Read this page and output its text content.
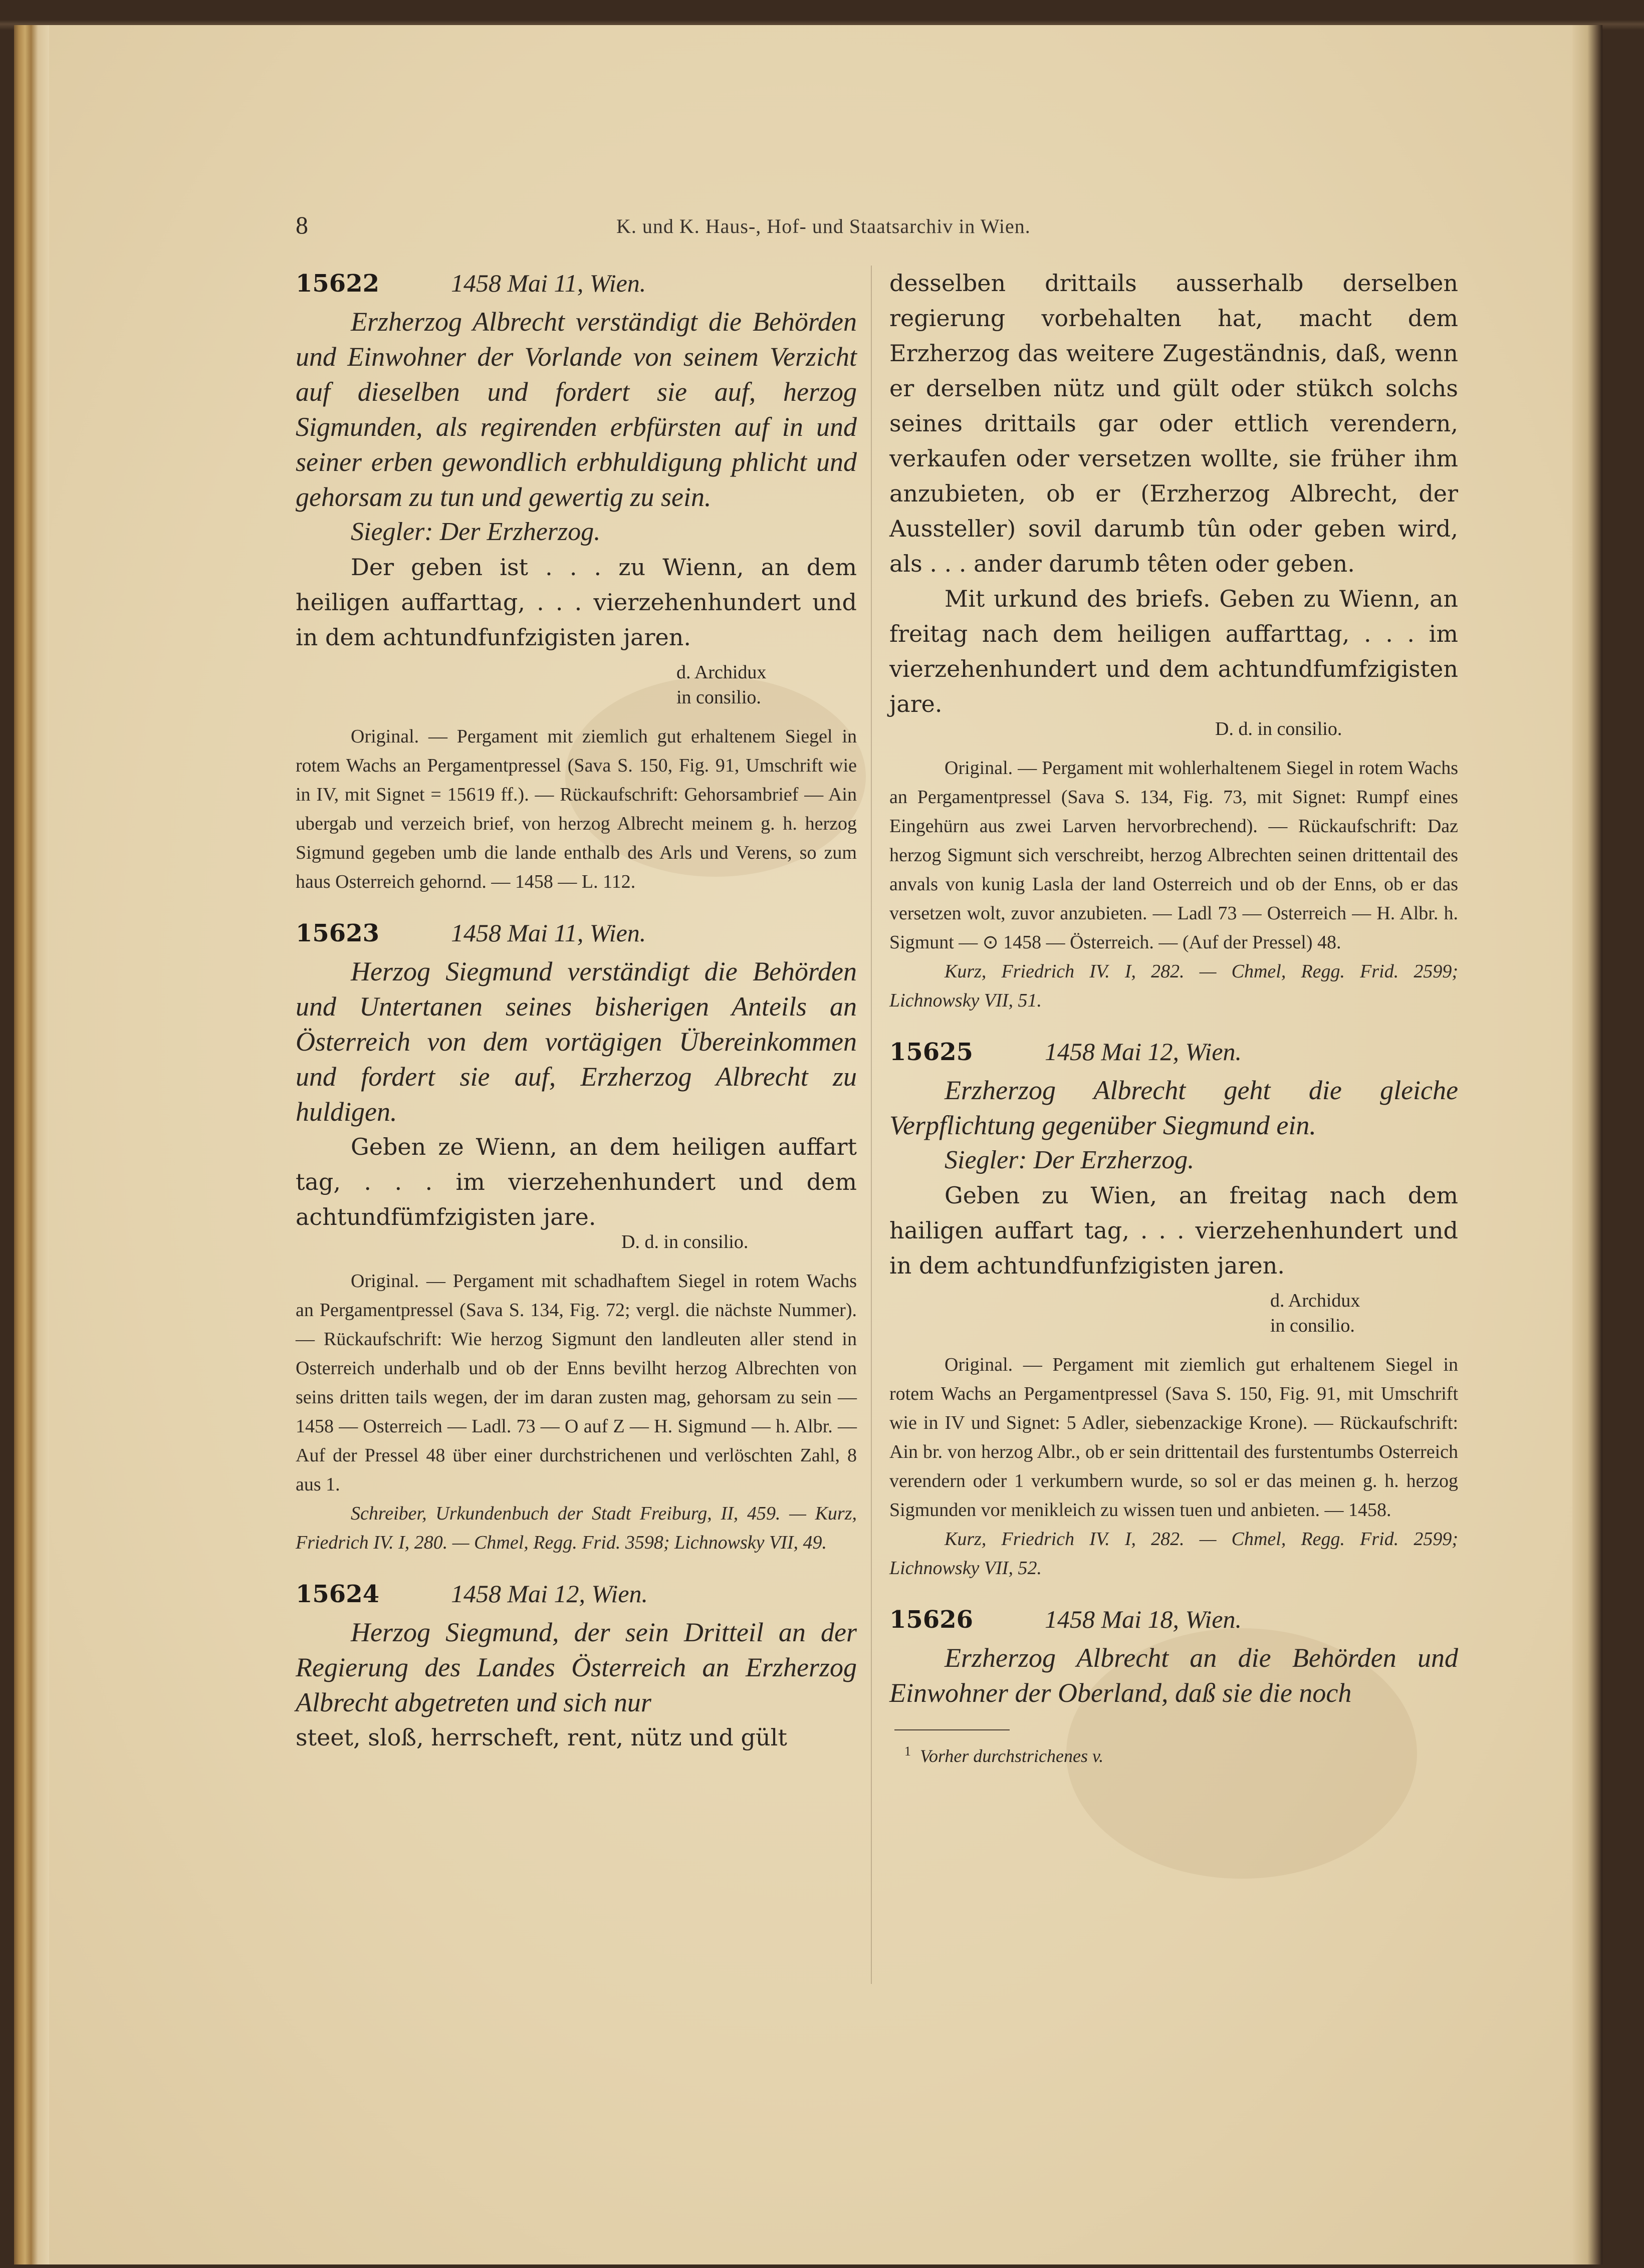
8	K. und K. Haus-, Hof- und Staatsarchiv in Wien.
15622	1458 Mai 11, Wien.

Erzherzog Albrecht verständigt die Behörden und Einwohner der Vorlande von seinem Verzicht auf dieselben und fordert sie auf, herzog Sigmunden, als regirenden erbfürsten auf in und seiner erben gewondlich erbhuldigung phlicht und gehorsam zu tun und gewertig zu sein.

Siegler: Der Erzherzog.

Der geben ist . . . zu Wienn, an dem heiligen auffarttag, . . . vierzehenhundert und in dem achtundfunfzigisten jaren.

d. Archidux
in consilio.

Original. — Pergament mit ziemlich gut erhaltenem Siegel in rotem Wachs an Pergamentpressel (Sava S. 150, Fig. 91, Umschrift wie in IV, mit Signet = 15619 ff.). — Rückaufschrift: Gehorsambrief — Ain ubergab und verzeich brief, von herzog Albrecht meinem g. h. herzog Sigmund gegeben umb die lande enthalb des Arls und Verens, so zum haus Osterreich gehornd. — 1458 — L. 112.

15623	1458 Mai 11, Wien.

Herzog Siegmund verständigt die Behörden und Untertanen seines bisherigen Anteils an Österreich von dem vortägigen Übereinkommen und fordert sie auf, Erzherzog Albrecht zu huldigen.

Geben ze Wienn, an dem heiligen auffart tag, . . . im vierzehenhundert und dem achtundfümfzigisten jare.

D. d. in consilio.

Original. — Pergament mit schadhaftem Siegel in rotem Wachs an Pergamentpressel (Sava S. 134, Fig. 72; vergl. die nächste Nummer). — Rückaufschrift: Wie herzog Sigmunt den landleuten aller stend in Osterreich underhalb und ob der Enns bevilht herzog Albrechten von seins dritten tails wegen, der im daran zusten mag, gehorsam zu sein — 1458 — Osterreich — Ladl. 73 — O auf Z — H. Sigmund — h. Albr. — Auf der Pressel 48 über einer durchstrichenen und verlöschten Zahl, 8 aus 1.

Schreiber, Urkundenbuch der Stadt Freiburg, II, 459. — Kurz, Friedrich IV. I, 280. — Chmel, Regg. Frid. 3598; Lichnowsky VII, 49.

15624	1458 Mai 12, Wien.

Herzog Siegmund, der sein Dritteil an der Regierung des Landes Österreich an Erzherzog Albrecht abgetreten und sich nur

steet, sloß, herrscheft, rent, nütz und gült

desselben drittails ausserhalb derselben regierung vorbehalten hat, macht dem Erzherzog das weitere Zugeständnis, daß, wenn er derselben nütz und gült oder stükch solchs seines drittails gar oder ettlich verendern, verkaufen oder versetzen wollte, sie früher ihm anzubieten, ob er (Erzherzog Albrecht, der Aussteller) sovil darumb tûn oder geben wird, als . . . ander darumb têten oder geben.

Mit urkund des briefs. Geben zu Wienn, an freitag nach dem heiligen auffarttag, . . . im vierzehenhundert und dem achtundfumfzigisten jare.

D. d. in consilio.

Original. — Pergament mit wohlerhaltenem Siegel in rotem Wachs an Pergamentpressel (Sava S. 134, Fig. 73, mit Signet: Rumpf eines Eingehürn aus zwei Larven hervorbrechend). — Rückaufschrift: Daz herzog Sigmunt sich verschreibt, herzog Albrechten seinen drittentail des anvals von kunig Lasla der land Osterreich und ob der Enns, ob er das versetzen wolt, zuvor anzubieten. — Ladl 73 — Osterreich — H. Albr. h. Sigmunt — ⊙ 1458 — Österreich. — (Auf der Pressel) 48.

Kurz, Friedrich IV. I, 282. — Chmel, Regg. Frid. 2599; Lichnowsky VII, 51.

15625	1458 Mai 12, Wien.

Erzherzog Albrecht geht die gleiche Verpflichtung gegenüber Siegmund ein.

Siegler: Der Erzherzog.

Geben zu Wien, an freitag nach dem hailigen auffart tag, . . . vierzehenhundert und in dem achtundfunfzigisten jaren.

d. Archidux
in consilio.

Original. — Pergament mit ziemlich gut erhaltenem Siegel in rotem Wachs an Pergamentpressel (Sava S. 150, Fig. 91, mit Umschrift wie in IV und Signet: 5 Adler, siebenzackige Krone). — Rückaufschrift: Ain br. von herzog Albr., ob er sein drittentail des furstentumbs Osterreich verendern oder 1 verkumbern wurde, so sol er das meinen g. h. herzog Sigmunden vor menikleich zu wissen tuen und anbieten. — 1458.

Kurz, Friedrich IV. I, 282. — Chmel, Regg. Frid. 2599; Lichnowsky VII, 52.

15626	1458 Mai 18, Wien.

Erzherzog Albrecht an die Behörden und Einwohner der Oberland, daß sie die noch

$^1$ Vorher durchstrichenes v.
